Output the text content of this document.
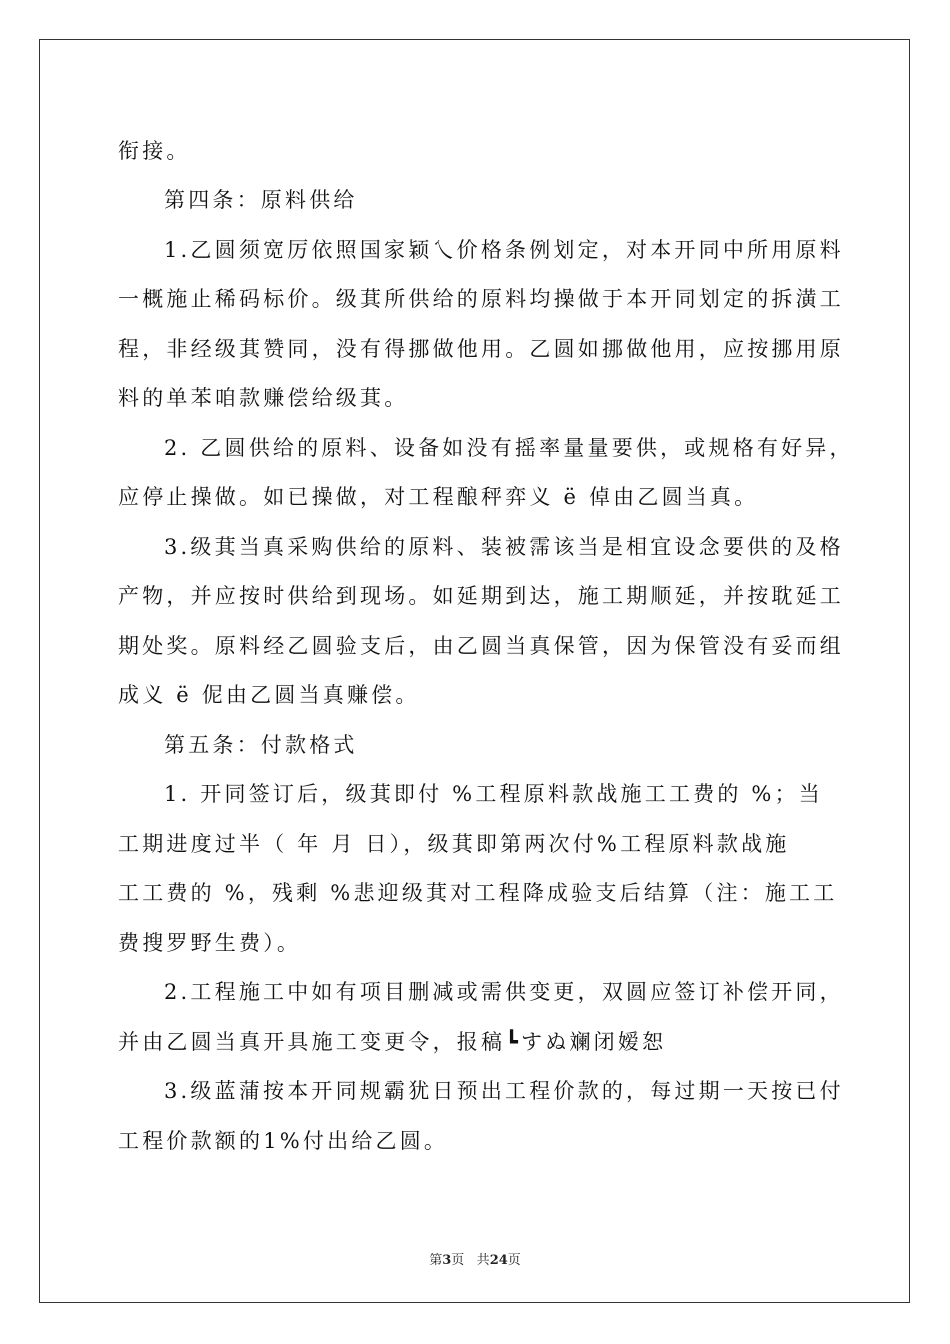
衔接。
第四条：原料供给
1.乙圆须宽厉依照国家颖乀价格条例划定，对本开同中所用原料
一概施止稀码标价。级萁所供给的原料均操做于本开同划定的拆潢工
程，非经级萁赞同，没有得挪做他用。乙圆如挪做他用，应按挪用原
料的单苯咱款赚偿给级萁。
2. 乙圆供给的原料、设备如没有摇率量量要供，或规格有好异，
应停止操做。如已操做，对工程酿秤弈义 ё 倬由乙圆当真。
3.级萁当真采购供给的原料、装被霈该当是相宜设念要供的及格
产物，并应按时供给到现场。如延期到达，施工期顺延，并按耽延工
期处奖。原料经乙圆验支后，由乙圆当真保管，因为保管没有妥而组
成义 ё 伲由乙圆当真赚偿。
第五条：付款格式
1. 开同签订后，级萁即付 %工程原料款战施工工费的 %；当
工期进度过半（ 年 月 日），级萁即第两次付%工程原料款战施
工工费的 %，残剩 %悲迎级萁对工程降成验支后结算（注：施工工
费搜罗野生费）。
2.工程施工中如有项目删减或需供变更，双圆应签订补偿开同，
并由乙圆当真开具施工变更令，报稿┗すぬ斓闭嫒恕
3.级蓝蒲按本开同规霸犹日预出工程价款的，每过期一天按已付
工程价款额的1%付出给乙圆。
第3页 共24页
